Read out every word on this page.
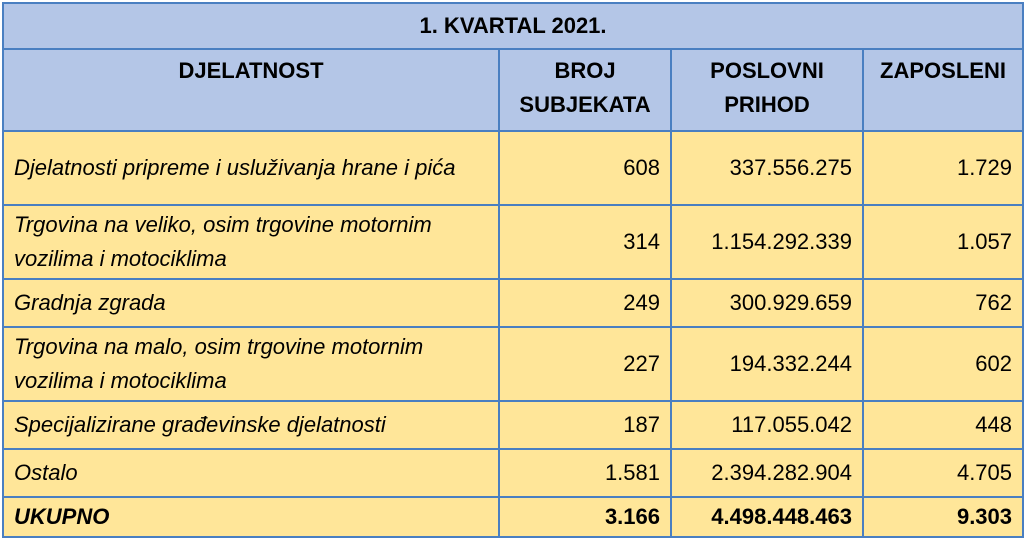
1. KVARTAL 2021.			
DJELATNOST	BROJ SUBJEKATA	POSLOVNI PRIHOD	ZAPOSLENI
Djelatnosti pripreme i usluživanja hrane i pića	608	337.556.275	1.729
Trgovina na veliko, osim trgovine motornim vozilima i motociklima	314	1.154.292.339	1.057
Gradnja zgrada	249	300.929.659	762
Trgovina na malo, osim trgovine motornim vozilima i motociklima	227	194.332.244	602
Specijalizirane građevinske djelatnosti	187	117.055.042	448
Ostalo	1.581	2.394.282.904	4.705
UKUPNO	3.166	4.498.448.463	9.303
